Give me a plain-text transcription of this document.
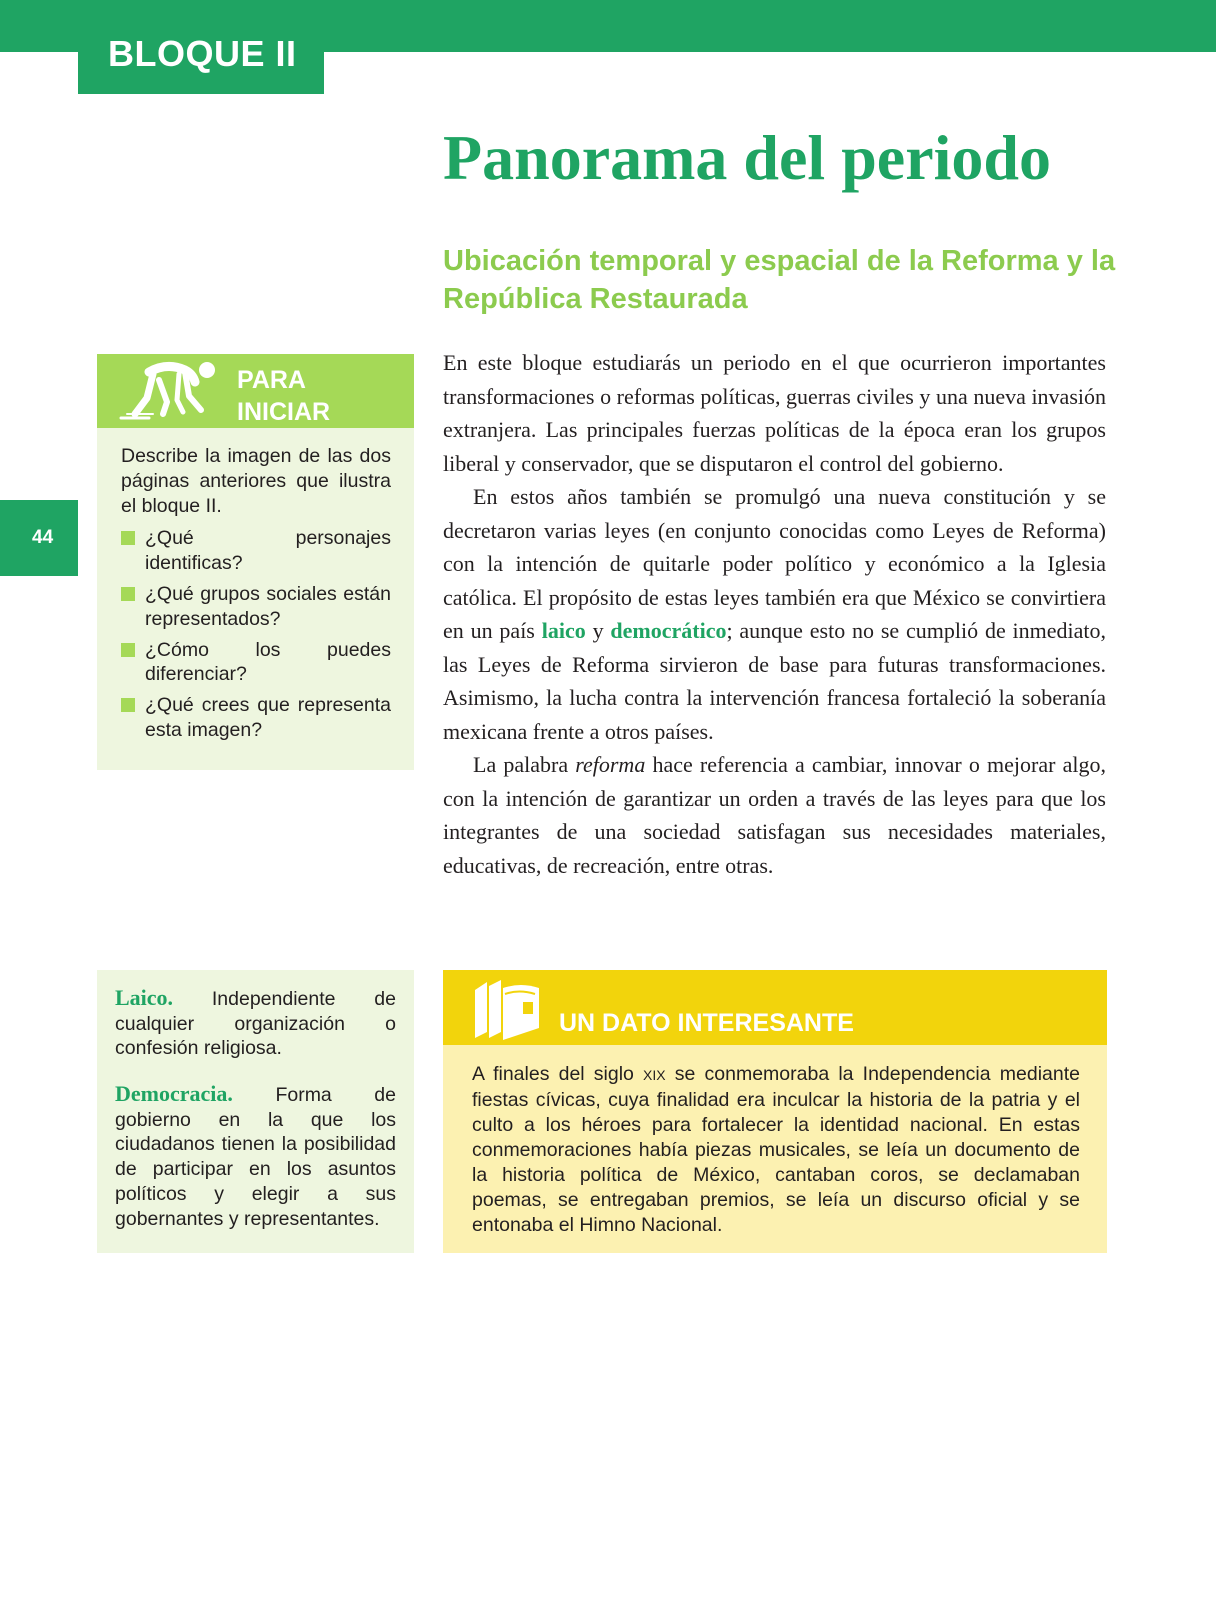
BLOQUE II
44
Panorama del periodo
Ubicación temporal y espacial de la Reforma y la República Restaurada
PARA
INICIAR

Describe la imagen de las dos páginas anteriores que ilustra el bloque II.

¿Qué personajes identificas?
¿Qué grupos sociales están representados?
¿Cómo los puedes diferenciar?
¿Qué crees que representa esta imagen?

En este bloque estudiarás un periodo en el que ocurrieron importantes transformaciones o reformas políticas, guerras civiles y una nueva invasión extranjera. Las principales fuerzas políticas de la época eran los grupos liberal y conservador, que se disputaron el control del gobierno.

En estos años también se promulgó una nueva constitución y se decretaron varias leyes (en conjunto conocidas como Leyes de Reforma) con la intención de quitarle poder político y económico a la Iglesia católica. El propósito de estas leyes también era que México se convirtiera en un país laico y democrático; aunque esto no se cumplió de inmediato, las Leyes de Reforma sirvieron de base para futuras transformaciones. Asimismo, la lucha contra la intervención francesa fortaleció la soberanía mexicana frente a otros países.

La palabra reforma hace referencia a cambiar, innovar o mejorar algo, con la intención de garantizar un orden a través de las leyes para que los integrantes de una sociedad satisfagan sus necesidades materiales, educativas, de recreación, entre otras.

Laico. Independiente de cualquier organización o confesión religiosa.

Democracia. Forma de gobierno en la que los ciudadanos tienen la posibilidad de participar en los asuntos políticos y elegir a sus gobernantes y representantes.

UN DATO INTERESANTE

A finales del siglo XIX se conmemoraba la Independencia mediante fiestas cívicas, cuya finalidad era inculcar la historia de la patria y el culto a los héroes para fortalecer la identidad nacional. En estas conmemoraciones había piezas musicales, se leía un documento de la historia política de México, cantaban coros, se declamaban poemas, se entregaban premios, se leía un discurso oficial y se entonaba el Himno Nacional.
